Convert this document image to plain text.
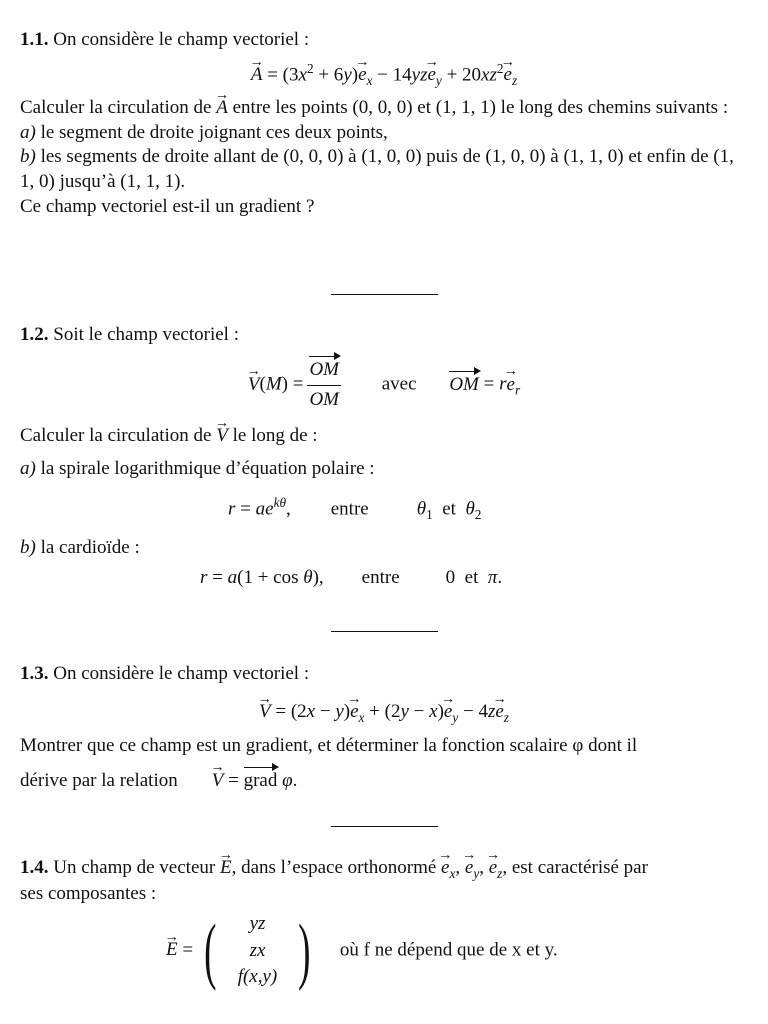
1.1. On considère le champ vectoriel :

→ $A = (3x^2 + 6y)\to e_x - 14yz\to e_y + 20xz^2\to e_z$

Calculer la circulation de → A entre les points (0, 0, 0) et (1, 1, 1) le long des chemins suivants :

a) le segment de droite joignant ces deux points,

b) les segments de droite allant de (0, 0, 0) à (1, 0, 0) puis de (1, 0, 0) à (1, 1, 0) et enfin de (1, 1, 0) jusqu’à (1, 1, 1).

Ce champ vectoriel est-il un gradient ?

1.2. Soit le champ vectoriel :

→ $V(M) = \frac{OM}{OM}$ avec OM = $r\to e_r$

Calculer la circulation de → V le long de :

a) la spirale logarithmique d’équation polaire :

$r = ae^{k\theta}$, entre	$\theta_1$ et $\theta_2$

b) la cardioïde :

r = a(1 + cos θ), entre 0  et π.

1.3. On considère le champ vectoriel :

→ $V = (2x - y)\to e_x + (2y - x)\to e_y - 4z\to e_z$

Montrer que ce champ est un gradient, et déterminer la fonction scalaire φ dont il

dérive par la relation → V = grad φ.

1.4. Un champ de vecteur → E, dans l’espace orthonormé → $e_x$, → $e_y$, → $e_z$, est caractérisé par

ses composantes :

→ E = ( yz
zx
f(x,y) ) où f ne dépend que de x et y.
